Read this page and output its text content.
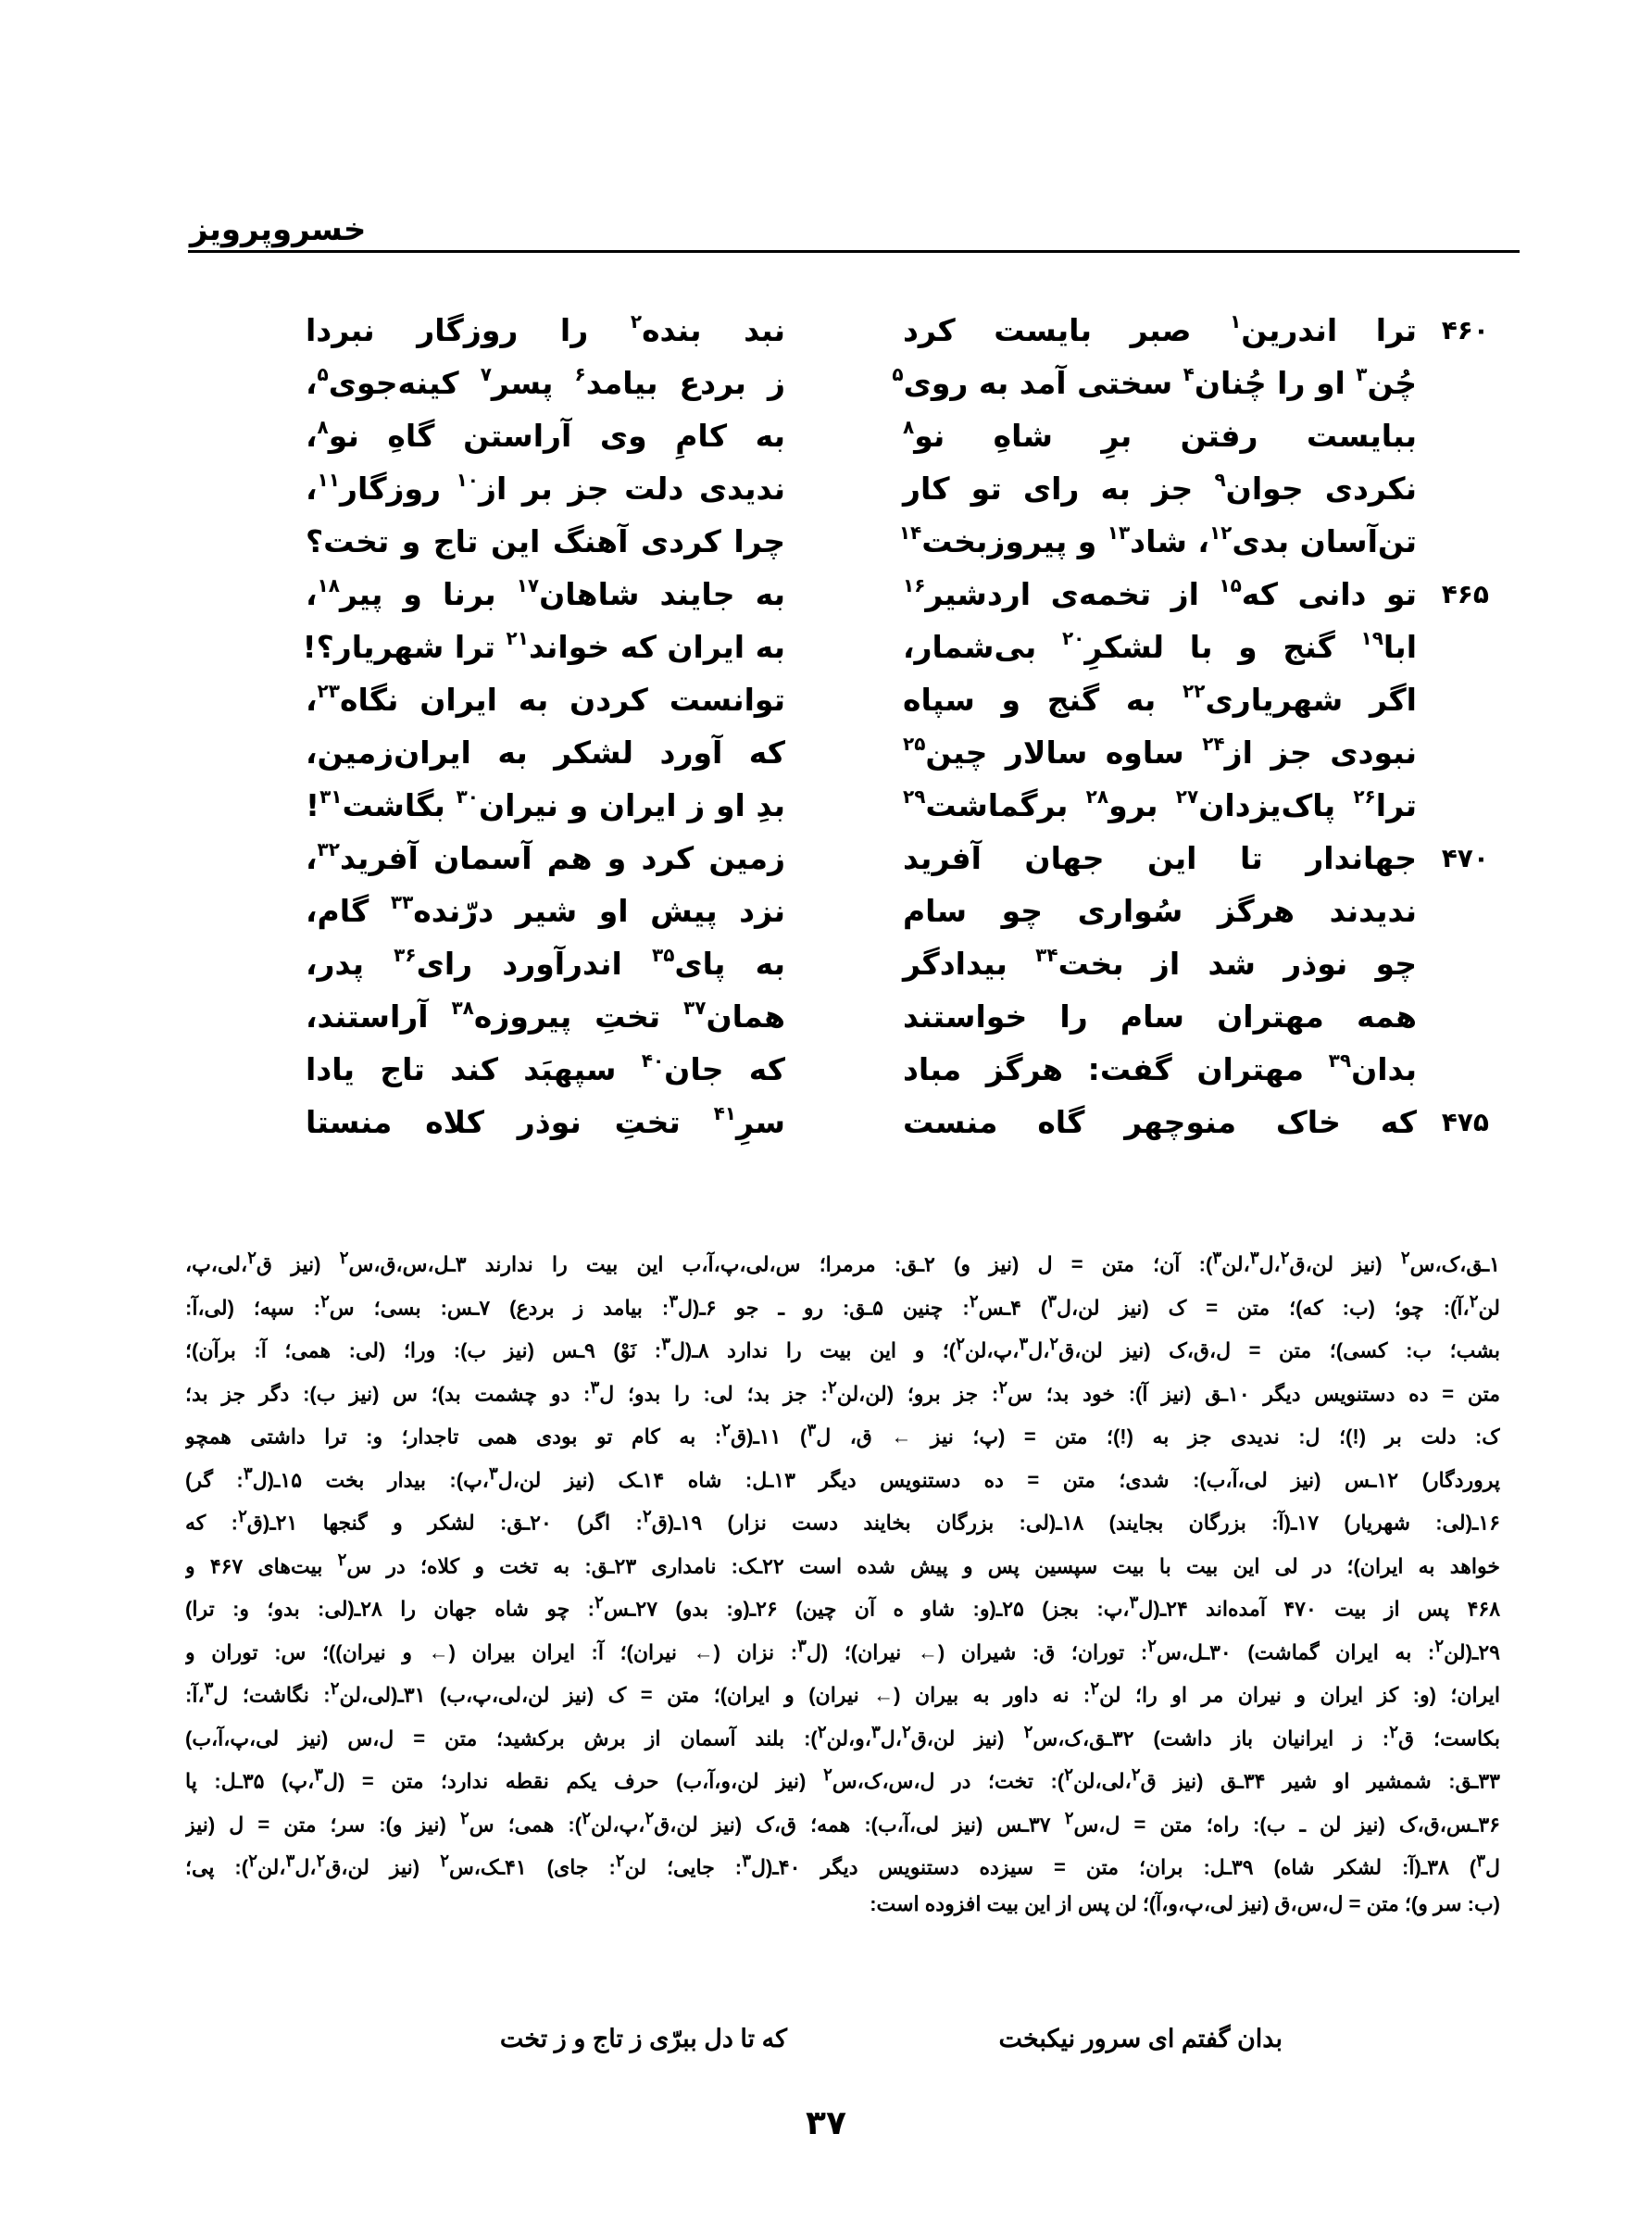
خسروپرویز
۴۶۰
۴۶۵
۴۷۰
۴۷۵
ترا اندرین$^۱$ صبر بایست کرد
چُن$^۳$ او را چُنان$^۴$ سختی آمد به روی$^۵$
ببایست رفتن برِ شاهِ نو$^۸$
نکردی جوان$^۹$ جز به رای تو کار
تن‌آسان بدی$^{۱۲}$، شاد$^{۱۳}$ و پیروزبخت$^{۱۴}$
تو دانی که$^{۱۵}$ از تخمه‌ی اردشیر$^{۱۶}$
ابا$^{۱۹}$ گنج و با لشکرِ$^{۲۰}$ بی‌شمار،
اگر شهریاری$^{۲۲}$ به گنج و سپاه
نبودی جز از$^{۲۴}$ ساوه سالار چین$^{۲۵}$
ترا$^{۲۶}$ پاک‌یزدان$^{۲۷}$ برو$^{۲۸}$ برگماشت$^{۲۹}$
جهاندار تا این جهان آفرید
ندیدند هرگز سُواری چو سام
چو نوذر شد از بخت$^{۳۴}$ بیدادگر
همه مهتران سام را خواستند
بدان$^{۳۹}$ مهتران گفت: هرگز مباد
که خاک منوچهر گاه منست
نبد بنده$^۲$ را روزگار نبردا
ز بردع بیامد$^۶$ پسر$^۷$ کینه‌جوی$^۵$،
به کامِ وی آراستن گاهِ نو$^۸$،
ندیدی دلت جز بر از$^{۱۰}$ روزگار$^{۱۱}$،
چرا کردی آهنگ این تاج و تخت؟
به جایند شاهان$^{۱۷}$ برنا و پیر$^{۱۸}$،
به ایران که خواند$^{۲۱}$ ترا شهریار؟!
توانست کردن به ایران نگاه$^{۲۳}$،
که آورد لشکر به ایران‌زمین،
بدِ او ز ایران و نیران$^{۳۰}$ بگاشت$^{۳۱}$!
زمین کرد و هم آسمان آفرید$^{۳۲}$،
نزد پیش او شیر درّنده$^{۳۳}$ گام،
به پای$^{۳۵}$ اندرآورد رای$^{۳۶}$ پدر،
همان$^{۳۷}$ تختِ پیروزه$^{۳۸}$ آراستند،
که جان$^{۴۰}$ سپهبَد کند تاج یادا
سرِ$^{۴۱}$ تختِ نوذر کلاه منستا
۱ـق،ک،س$^۲$ (نیز لن،ق$^۲$،ل$^۳$،لن$^۳$): آن؛ متن = ل (نیز و) ۲ـق: مرمرا؛ س،لی،پ،آ،ب این بیت را ندارند ۳ـل،س،ق،س$^۲$ (نیز ق$^۲$،لی،پ،
لن$^۲$،آ): چو؛ (ب: که)؛ متن = ک (نیز لن،ل$^۳$) ۴ـس$^۲$: چنین ۵ـق: رو ـ جو ۶ـ(ل$^۳$: بیامد ز بردع) ۷ـس: بسی؛ س$^۲$: سپه؛ (لی،آ:
بشب؛ ب: کسی)؛ متن = ل،ق،ک (نیز لن،ق$^۲$،ل$^۳$،پ،لن$^۲$)؛ و این بیت را ندارد ۸ـ(ل$^۳$: نَوْ) ۹ـس (نیز ب): ورا؛ (لی: همی؛ آ: برآن)؛
متن = ده دستنویس دیگر ۱۰ـق (نیز آ): خود بد؛ س$^۲$: جز برو؛ (لن،لن$^۲$: جز بد؛ لی: را بدو؛ ل$^۳$: دو چشمت بد)؛ س (نیز ب): دگر جز بد؛
ک: دلت بر (!)؛ ل: ندیدی جز به (!)؛ متن = (پ؛ نیز ← ق، ل$^۳$) ۱۱ـ(ق$^۲$: به کام تو بودی همی تاجدار؛ و: ترا داشتی همچو
پروردگار) ۱۲ـس (نیز لی،آ،ب): شدی؛ متن = ده دستنویس دیگر ۱۳ـل: شاه ۱۴ـک (نیز لن،ل$^۳$،پ): بیدار بخت ۱۵ـ(ل$^۳$: گر)
۱۶ـ(لی: شهریار) ۱۷ـ(آ: بزرگان بجایند) ۱۸ـ(لی: بزرگان بخایند دست نزار) ۱۹ـ(ق$^۲$: اگر) ۲۰ـق: لشکر و گنجها ۲۱ـ(ق$^۲$: که
خواهد به ایران)؛ در لی این بیت با بیت سپسین پس و پیش شده است ۲۲ـک: نامداری ۲۳ـق: به تخت و کلاه؛ در س$^۲$ بیت‌های ۴۶۷ و
۴۶۸ پس از بیت ۴۷۰ آمده‌اند ۲۴ـ(ل$^۳$،پ: بجز) ۲۵ـ(و: شاو ه آن چین) ۲۶ـ(و: بدو) ۲۷ـس$^۲$: چو شاه جهان را ۲۸ـ(لی: بدو؛ و: ترا)
۲۹ـ(لن$^۲$: به ایران گماشت) ۳۰ـل،س$^۲$: توران؛ ق: شیران (← نیران)؛ (ل$^۳$: نزان (← نیران)؛ آ: ایران بیران (← و نیران))؛ س: توران و
ایران؛ (و: کز ایران و نیران مر او را؛ لن$^۲$: نه داور به بیران (← نیران) و ایران)؛ متن = ک (نیز لن،لی،پ،ب) ۳۱ـ(لی،لن$^۲$: نگاشت؛ ل$^۳$،آ:
بکاست؛ ق$^۲$: ز ایرانیان باز داشت) ۳۲ـق،ک،س$^۲$ (نیز لن،ق$^۲$،ل$^۳$،و،لن$^۲$): بلند آسمان از برش برکشید؛ متن = ل،س (نیز لی،پ،آ،ب)
۳۳ـق: شمشیر او شیر ۳۴ـق (نیز ق$^۲$،لی،لن$^۲$): تخت؛ در ل،س،ک،س$^۲$ (نیز لن،و،آ،ب) حرف یکم نقطه ندارد؛ متن = (ل$^۳$،پ) ۳۵ـل: پا
۳۶ـس،ق،ک (نیز لن ـ ب): راه؛ متن = ل،س$^۲$ ۳۷ـس (نیز لی،آ،ب): همه؛ ق،ک (نیز لن،ق$^۲$،پ،لن$^۲$): همی؛ س$^۲$ (نیز و): سر؛ متن = ل (نیز
ل$^۳$) ۳۸ـ(آ: لشکر شاه) ۳۹ـل: بران؛ متن = سیزده دستنویس دیگر ۴۰ـ(ل$^۳$: جایی؛ لن$^۲$: جای) ۴۱ـک،س$^۲$ (نیز لن،ق$^۲$،ل$^۳$،لن$^۲$): پی؛
(ب: سر و)؛ متن = ل،س،ق (نیز لی،پ،و،آ)؛ لن پس از این بیت افزوده است:
بدان گفتم ای سرور نیکبخت
که تا دل ببرّی ز تاج و ز تخت
۳۷
